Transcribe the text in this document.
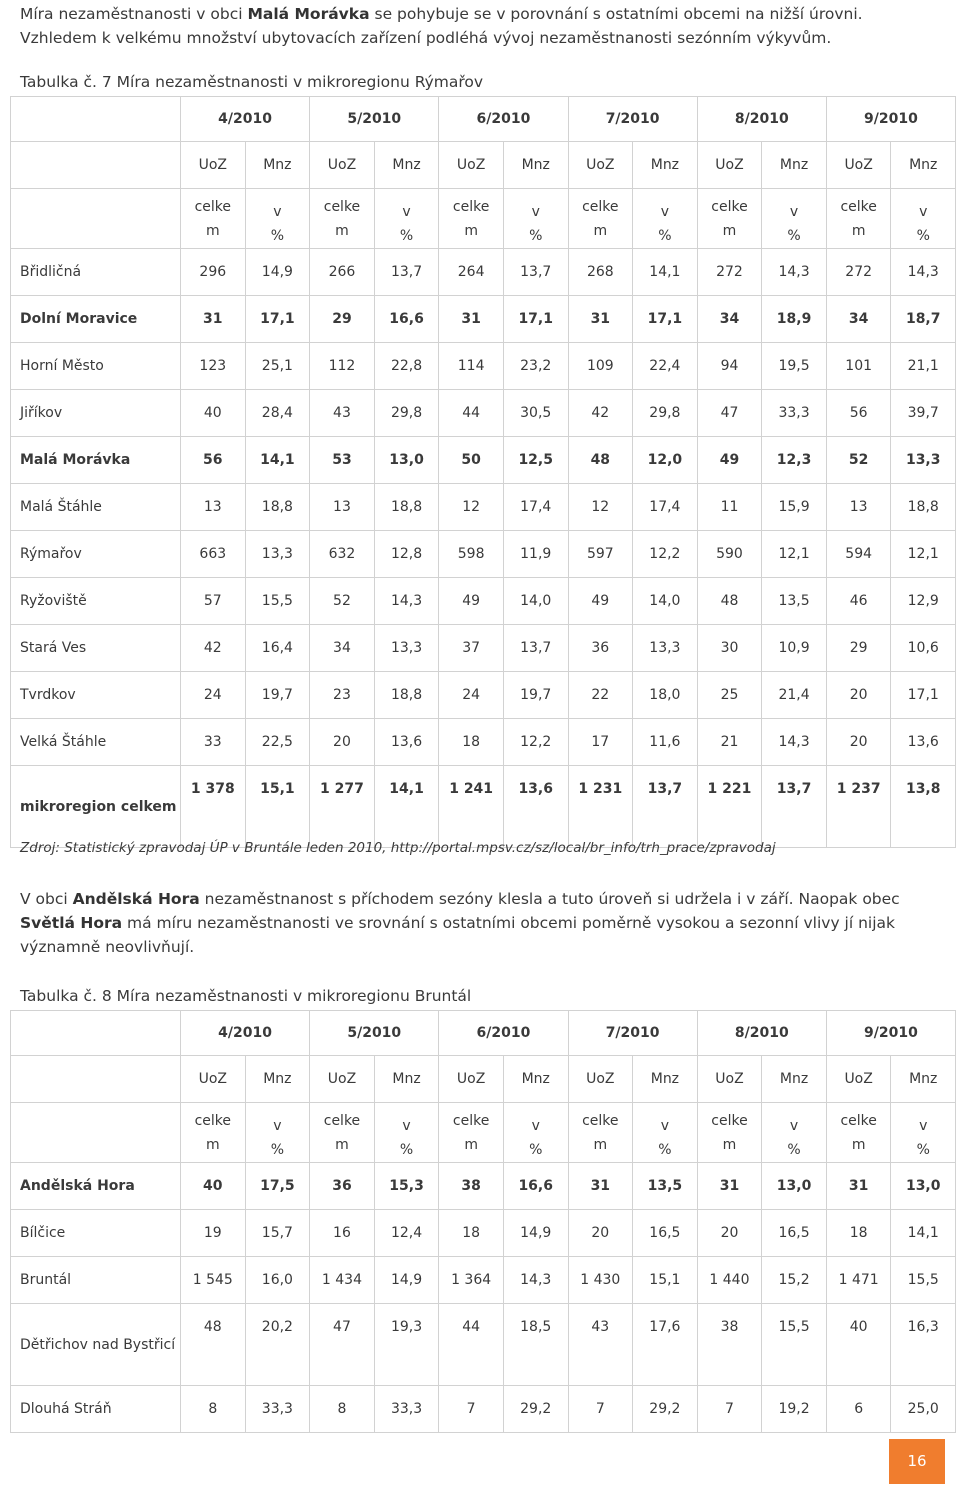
Míra nezaměstnanosti v obci Malá Morávka se pohybuje se v porovnání s ostatními obcemi na nižší úrovni.
Vzhledem k velkému množství ubytovacích zařízení podléhá vývoj nezaměstnanosti sezónním výkyvům.

Tabulka č. 7 Míra nezaměstnanosti v mikroregionu Rýmařov

	4/2010		5/2010		6/2010		7/2010		8/2010		9/2010	
	UoZ	Mnz	UoZ	Mnz	UoZ	Mnz	UoZ	Mnz	UoZ	Mnz	UoZ	Mnz
	celke m	v %	celke m	v %	celke m	v %	celke m	v %	celke m	v %	celke m	v %
Břidličná	296	14,9	266	13,7	264	13,7	268	14,1	272	14,3	272	14,3
Dolní Moravice	31	17,1	29	16,6	31	17,1	31	17,1	34	18,9	34	18,7
Horní Město	123	25,1	112	22,8	114	23,2	109	22,4	94	19,5	101	21,1
Jiříkov	40	28,4	43	29,8	44	30,5	42	29,8	47	33,3	56	39,7
Malá Morávka	56	14,1	53	13,0	50	12,5	48	12,0	49	12,3	52	13,3
Malá Štáhle	13	18,8	13	18,8	12	17,4	12	17,4	11	15,9	13	18,8
Rýmařov	663	13,3	632	12,8	598	11,9	597	12,2	590	12,1	594	12,1
Ryžoviště	57	15,5	52	14,3	49	14,0	49	14,0	48	13,5	46	12,9
Stará Ves	42	16,4	34	13,3	37	13,7	36	13,3	30	10,9	29	10,6
Tvrdkov	24	19,7	23	18,8	24	19,7	22	18,0	25	21,4	20	17,1
Velká Štáhle	33	22,5	20	13,6	18	12,2	17	11,6	21	14,3	20	13,6
mikroregion celkem	1 378	15,1	1 277	14,1	1 241	13,6	1 231	13,7	1 221	13,7	1 237	13,8

Zdroj: Statistický zpravodaj ÚP v Bruntále leden 2010, http://portal.mpsv.cz/sz/local/br_info/trh_prace/zpravodaj

V obci Andělská Hora nezaměstnanost s příchodem sezóny klesla a tuto úroveň si udržela i v září. Naopak obec Světlá Hora má míru nezaměstnanosti ve srovnání s ostatními obcemi poměrně vysokou a sezonní vlivy jí nijak významně neovlivňují.

Tabulka č. 8 Míra nezaměstnanosti v mikroregionu Bruntál

	4/2010		5/2010		6/2010		7/2010		8/2010		9/2010	
	UoZ	Mnz	UoZ	Mnz	UoZ	Mnz	UoZ	Mnz	UoZ	Mnz	UoZ	Mnz
	celke m	v %	celke m	v %	celke m	v %	celke m	v %	celke m	v %	celke m	v %
Andělská Hora	40	17,5	36	15,3	38	16,6	31	13,5	31	13,0	31	13,0
Bílčice	19	15,7	16	12,4	18	14,9	20	16,5	20	16,5	18	14,1
Bruntál	1 545	16,0	1 434	14,9	1 364	14,3	1 430	15,1	1 440	15,2	1 471	15,5
Dětřichov nad Bystřicí	48	20,2	47	19,3	44	18,5	43	17,6	38	15,5	40	16,3
Dlouhá Stráň	8	33,3	8	33,3	7	29,2	7	29,2	7	19,2	6	25,0
16
